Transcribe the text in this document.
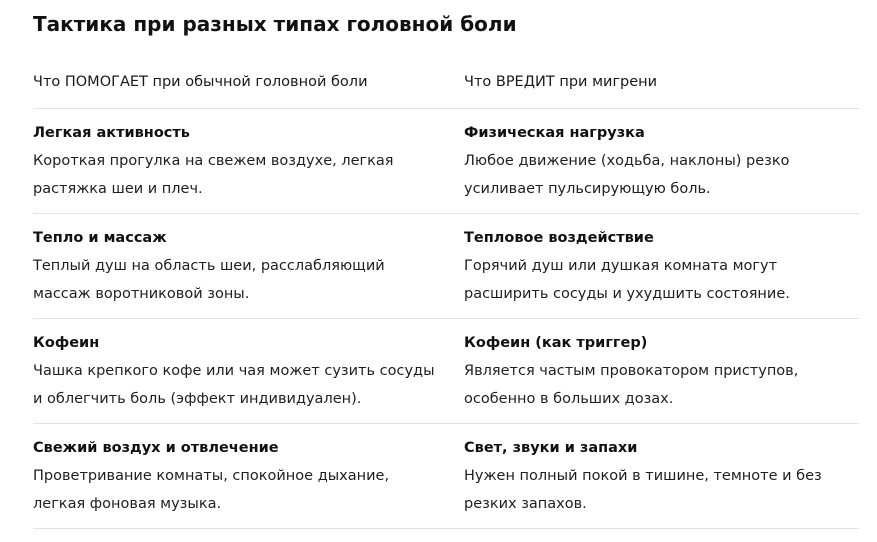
Тактика при разных типах головной боли
Что ПОМОГАЕТ при обычной головной боли	Что ВРЕДИТ при мигрени
Легкая активность
Короткая прогулка на свежем воздухе, легкая растяжка шеи и плеч.
Физическая нагрузка
Любое движение (ходьба, наклоны) резко усиливает пульсирующую боль.
Тепло и массаж
Теплый душ на область шеи, расслабляющий массаж воротниковой зоны.
Тепловое воздействие
Горячий душ или душкая комната могут расширить сосуды и ухудшить состояние.
Кофеин
Чашка крепкого кофе или чая может сузить сосуды и облегчить боль (эффект индивидуален).
Кофеин (как триггер)
Является частым провокатором приступов, особенно в больших дозах.
Свежий воздух и отвлечение
Проветривание комнаты, спокойное дыхание, легкая фоновая музыка.
Свет, звуки и запахи
Нужен полный покой в тишине, темноте и без резких запахов.
